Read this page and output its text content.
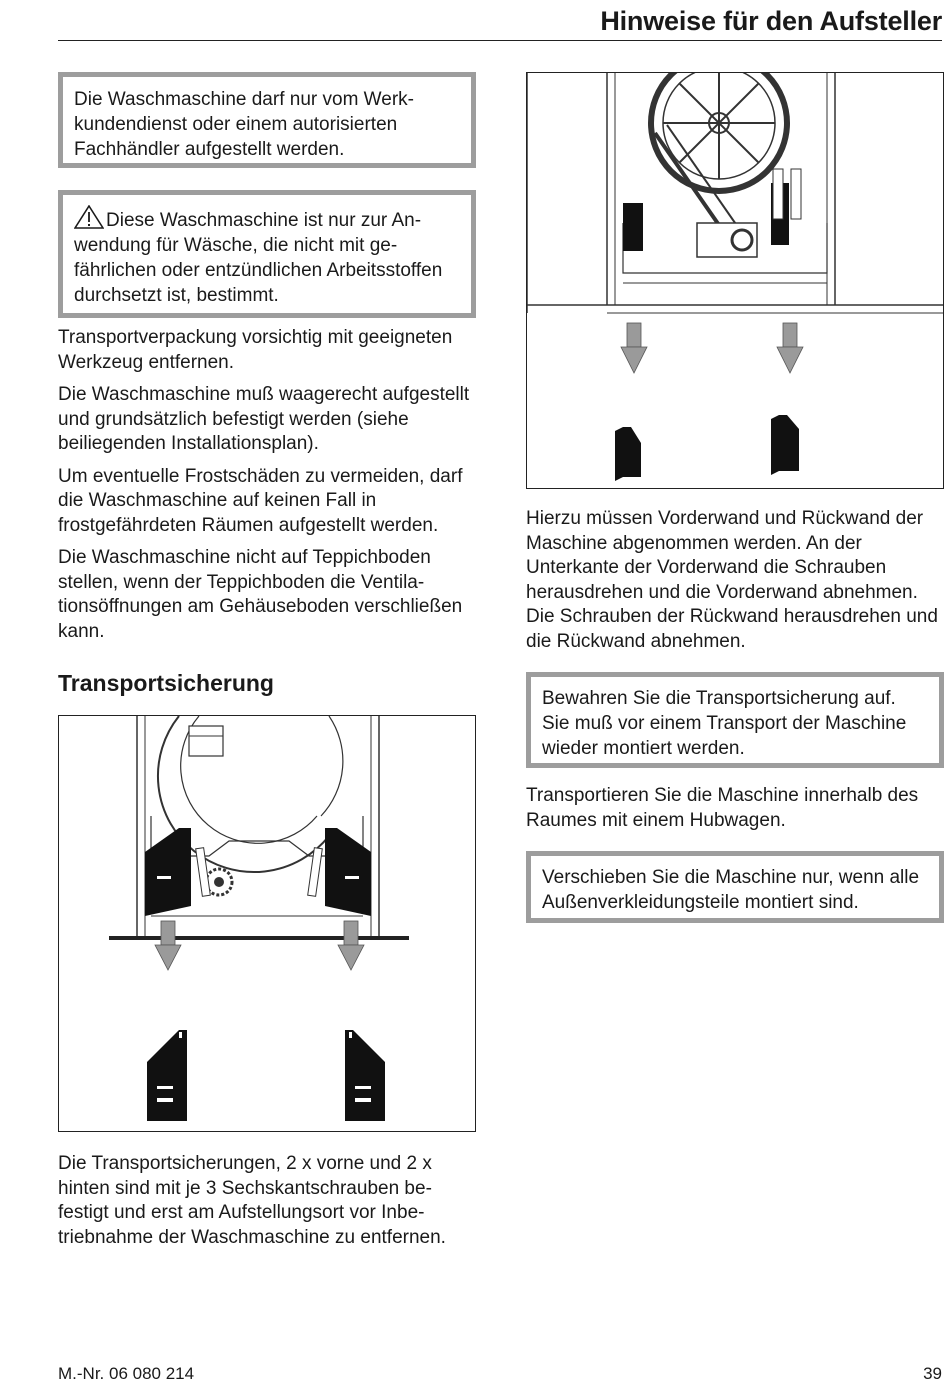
Hinweise für den Aufsteller
Die Waschmaschine darf nur vom Werkkundendienst oder einem autorisierten Fachhändler aufgestellt werden.
Diese Waschmaschine ist nur zur Anwendung für Wäsche, die nicht mit gefährlichen oder entzündlichen Arbeitsstoffen durchsetzt ist, bestimmt.

Transportverpackung vorsichtig mit geeigneten Werkzeug entfernen.

Die Waschmaschine muß waagerecht aufgestellt und grundsätzlich befestigt werden (siehe beiliegenden Installationsplan).

Um eventuelle Frostschäden zu vermeiden, darf die Waschmaschine auf keinen Fall in frostgefährdeten Räumen aufgestellt werden.

Die Waschmaschine nicht auf Teppichboden stellen, wenn der Teppichboden die Ventilationsöffnungen am Gehäuseboden verschließen kann.

Transportsicherung

Die Transportsicherungen, 2 x vorne und 2 x hinten sind mit je 3 Sechskantschrauben befestigt und erst am Aufstellungsort vor Inbetriebnahme der Waschmaschine zu entfernen.

Hierzu müssen Vorderwand und Rückwand der Maschine abgenommen werden. An der Unterkante der Vorderwand die Schrauben herausdrehen und die Vorderwand abnehmen.

Die Schrauben der Rückwand herausdrehen und die Rückwand abnehmen.

Bewahren Sie die Transportsicherung auf. Sie muß vor einem Transport der Maschine wieder montiert werden.

Transportieren Sie die Maschine innerhalb des Raumes mit einem Hubwagen.

Verschieben Sie die Maschine nur, wenn alle Außenverkleidungsteile montiert sind.
M.-Nr. 06 080 214	39
